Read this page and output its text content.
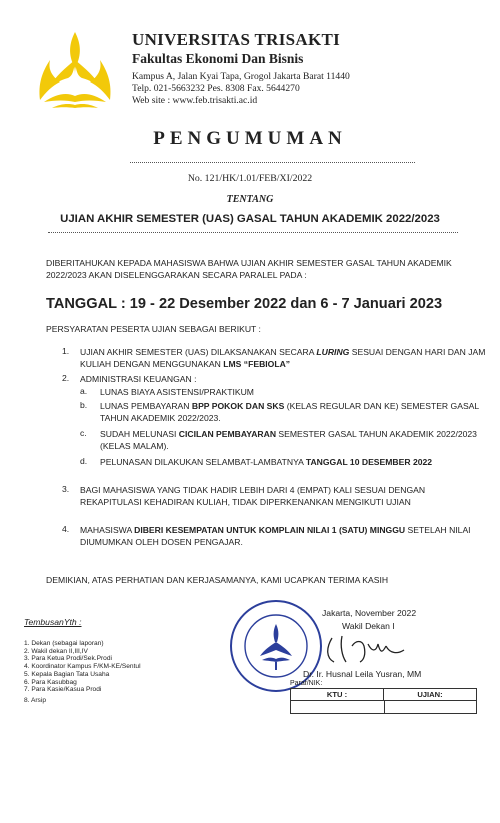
UNIVERSITAS TRISAKTI
Fakultas Ekonomi Dan Bisnis
Kampus A, Jalan Kyai Tapa, Grogol Jakarta Barat 11440
Telp. 021-5663232 Pes. 8308 Fax. 5644270
Web site : www.feb.trisakti.ac.id
PENGUMUMAN
No. 121/HK/1.01/FEB/XI/2022
TENTANG
UJIAN AKHIR SEMESTER (UAS) GASAL TAHUN AKADEMIK 2022/2023
DIBERITAHUKAN KEPADA MAHASISWA BAHWA UJIAN AKHIR SEMESTER GASAL TAHUN AKADEMIK
2022/2023 AKAN DISELENGGARAKAN SECARA PARALEL PADA :
TANGGAL : 19 - 22 Desember 2022 dan 6 - 7 Januari 2023
PERSYARATAN PESERTA UJIAN SEBAGAI BERIKUT :
1. UJIAN AKHIR SEMESTER (UAS) DILAKSANAKAN SECARA LURING SESUAI DENGAN HARI DAN JAM
KULIAH DENGAN MENGGUNAKAN LMS “FEBIOLA”
2. ADMINISTRASI KEUANGAN :
a. LUNAS BIAYA ASISTENSI/PRAKTIKUM
b. LUNAS PEMBAYARAN BPP POKOK DAN SKS (KELAS REGULAR DAN KE) SEMESTER GASAL
TAHUN AKADEMIK 2022/2023.
c. SUDAH MELUNASI CICILAN PEMBAYARAN SEMESTER GASAL TAHUN AKADEMIK 2022/2023
(KELAS MALAM).
d. PELUNASAN DILAKUKAN SELAMBAT-LAMBATNYA TANGGAL 10 DESEMBER 2022
3. BAGI MAHASISWA YANG TIDAK HADIR LEBIH DARI 4 (EMPAT) KALI SESUAI DENGAN
REKAPITULASI KEHADIRAN KULIAH, TIDAK DIPERKENANKAN MENGIKUTI UJIAN
4. MAHASISWA DIBERI KESEMPATAN UNTUK KOMPLAIN NILAI 1 (SATU) MINGGU SETELAH NILAI
DIUMUMKAN OLEH DOSEN PENGAJAR.
DEMIKIAN, ATAS PERHATIAN DAN KERJASAMANYA, KAMI UCAPKAN TERIMA KASIH
TembusanYth :
1. Dekan (sebagai laporan)
2. Wakil dekan II,III,IV
3. Para Ketua Prodi/Sek.Prodi
4. Koordinator Kampus F/KM-KE/Sentul
5. Kepala Bagian Tata Usaha
6. Para Kasubbag
7. Para Kasie/Kasua Prodi
8. Arsip
Jakarta, November 2022
Wakil Dekan I
Dr. Ir. Husnal Leila Yusran, MM
Paraf/NIK:
KTU :	UJIAN:
